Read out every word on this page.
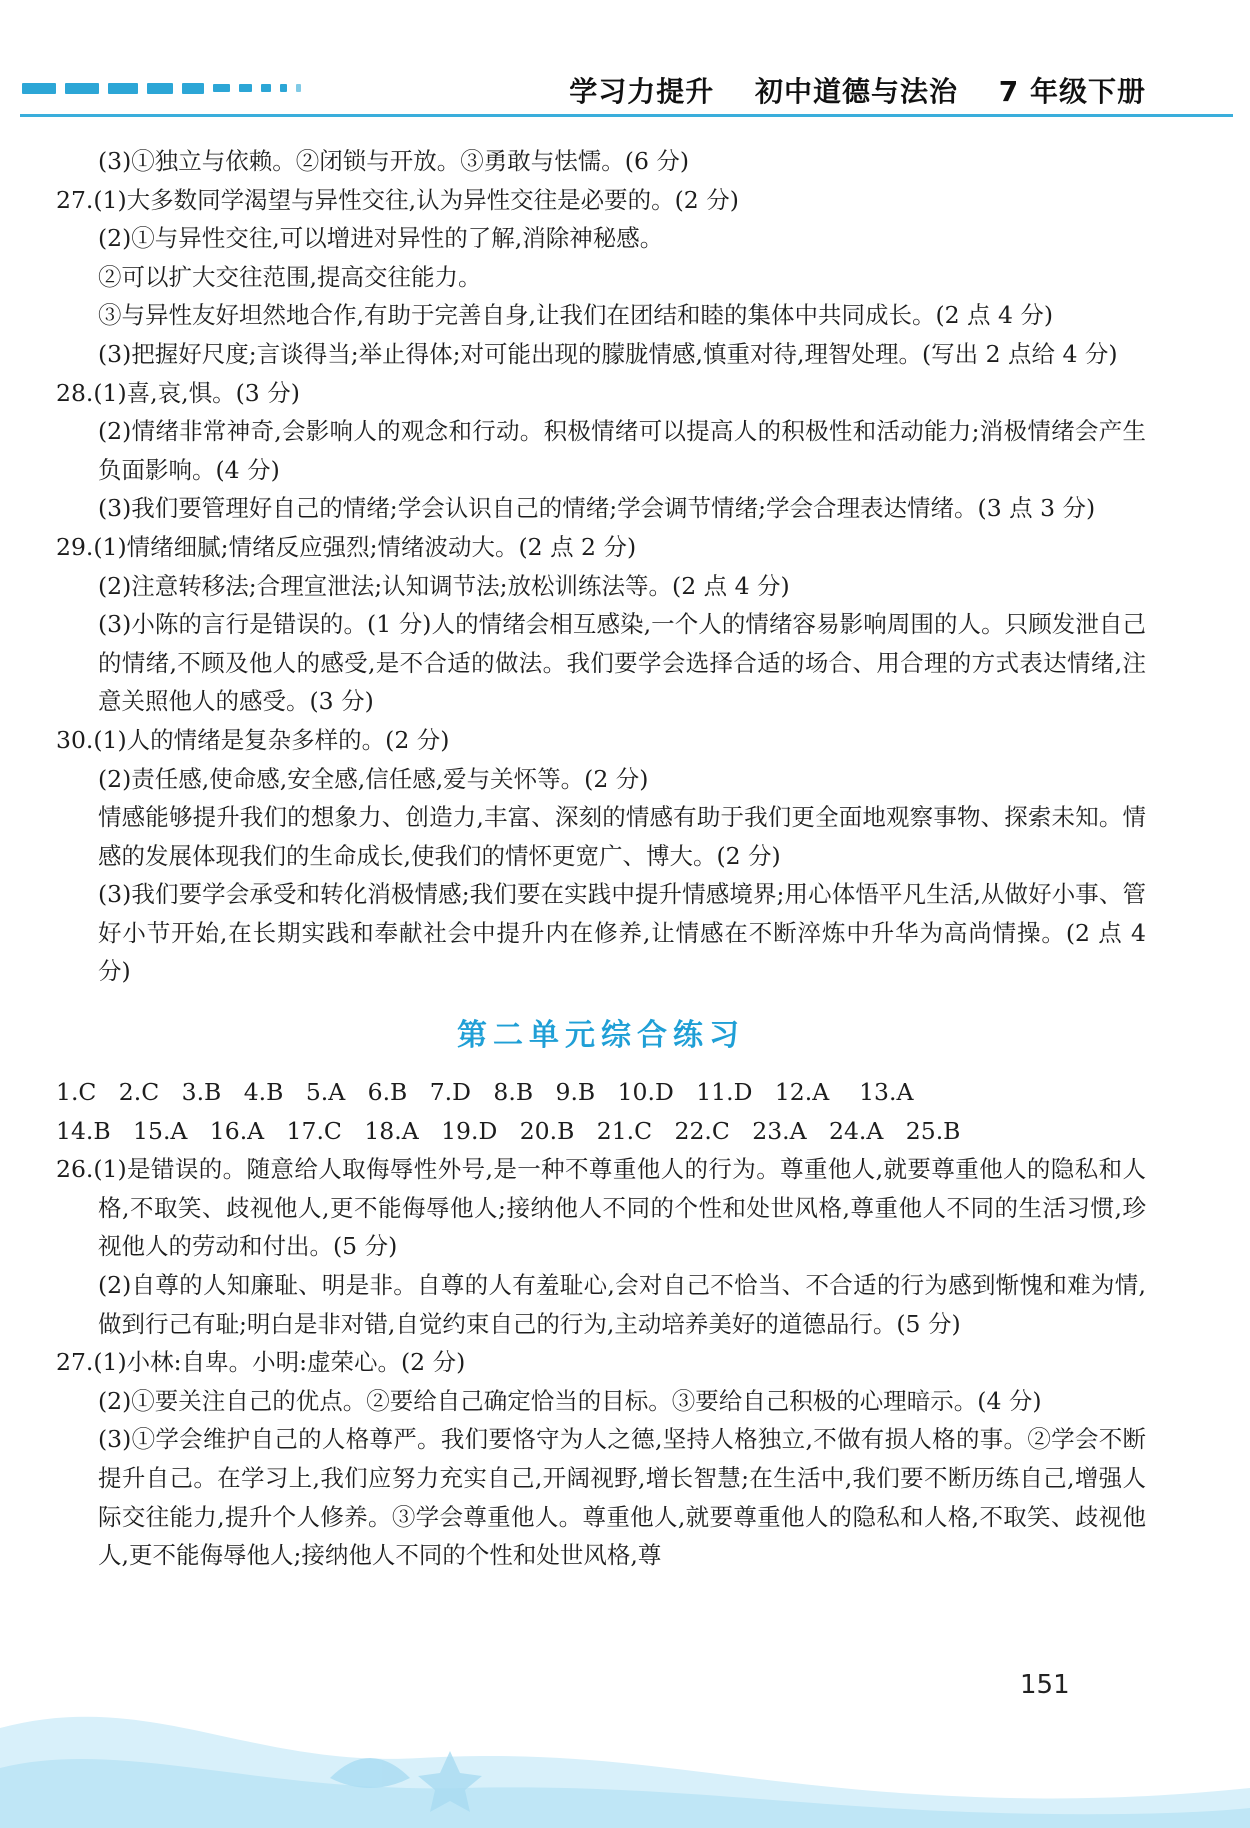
学习力提升 初中道德与法治 7 年级下册

(3)①独立与依赖。②闭锁与开放。③勇敢与怯懦。(6 分)

27.(1)大多数同学渴望与异性交往,认为异性交往是必要的。(2 分)

(2)①与异性交往,可以增进对异性的了解,消除神秘感。

②可以扩大交往范围,提高交往能力。

③与异性友好坦然地合作,有助于完善自身,让我们在团结和睦的集体中共同成长。(2 点 4 分)

(3)把握好尺度;言谈得当;举止得体;对可能出现的朦胧情感,慎重对待,理智处理。(写出 2 点给 4 分)

28.(1)喜,哀,惧。(3 分)

(2)情绪非常神奇,会影响人的观念和行动。积极情绪可以提高人的积极性和活动能力;消极情绪会产生负面影响。(4 分)

(3)我们要管理好自己的情绪;学会认识自己的情绪;学会调节情绪;学会合理表达情绪。(3 点 3 分)

29.(1)情绪细腻;情绪反应强烈;情绪波动大。(2 点 2 分)

(2)注意转移法;合理宣泄法;认知调节法;放松训练法等。(2 点 4 分)

(3)小陈的言行是错误的。(1 分)人的情绪会相互感染,一个人的情绪容易影响周围的人。只顾发泄自己的情绪,不顾及他人的感受,是不合适的做法。我们要学会选择合适的场合、用合理的方式表达情绪,注意关照他人的感受。(3 分)

30.(1)人的情绪是复杂多样的。(2 分)

(2)责任感,使命感,安全感,信任感,爱与关怀等。(2 分)

情感能够提升我们的想象力、创造力,丰富、深刻的情感有助于我们更全面地观察事物、探索未知。情感的发展体现我们的生命成长,使我们的情怀更宽广、博大。(2 分)

(3)我们要学会承受和转化消极情感;我们要在实践中提升情感境界;用心体悟平凡生活,从做好小事、管好小节开始,在长期实践和奉献社会中提升内在修养,让情感在不断淬炼中升华为高尚情操。(2 点 4 分)

第二单元综合练习

1.C   2.C   3.B   4.B   5.A   6.B   7.D   8.B   9.B   10.D   11.D   12.A    13.A

14.B   15.A   16.A   17.C   18.A   19.D   20.B   21.C   22.C   23.A   24.A   25.B

26.(1)是错误的。随意给人取侮辱性外号,是一种不尊重他人的行为。尊重他人,就要尊重他人的隐私和人格,不取笑、歧视他人,更不能侮辱他人;接纳他人不同的个性和处世风格,尊重他人不同的生活习惯,珍视他人的劳动和付出。(5 分)

(2)自尊的人知廉耻、明是非。自尊的人有羞耻心,会对自己不恰当、不合适的行为感到惭愧和难为情,做到行己有耻;明白是非对错,自觉约束自己的行为,主动培养美好的道德品行。(5 分)

27.(1)小林:自卑。小明:虚荣心。(2 分)

(2)①要关注自己的优点。②要给自己确定恰当的目标。③要给自己积极的心理暗示。(4 分)

(3)①学会维护自己的人格尊严。我们要恪守为人之德,坚持人格独立,不做有损人格的事。②学会不断提升自己。在学习上,我们应努力充实自己,开阔视野,增长智慧;在生活中,我们要不断历练自己,增强人际交往能力,提升个人修养。③学会尊重他人。尊重他人,就要尊重他人的隐私和人格,不取笑、歧视他人,更不能侮辱他人;接纳他人不同的个性和处世风格,尊

151
